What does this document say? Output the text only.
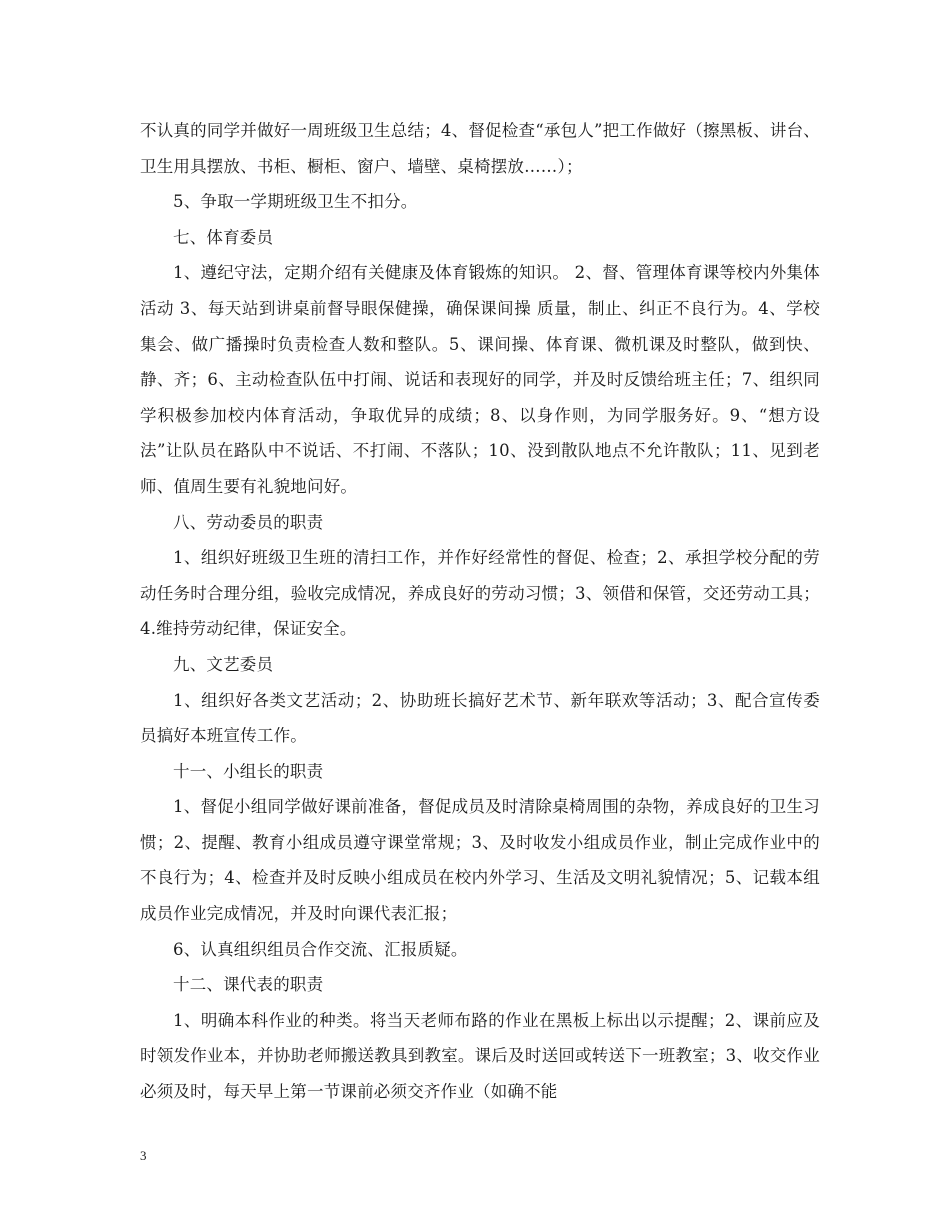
不认真的同学并做好一周班级卫生总结；4、督促检查“承包人”把工作做好（擦黑板、讲台、卫生用具摆放、书柜、橱柜、窗户、墙壁、桌椅摆放……）；

5、争取一学期班级卫生不扣分。

七、体育委员

1、遵纪守法，定期介绍有关健康及体育锻炼的知识。 2、督、管理体育课等校内外集体活动 3、每天站到讲桌前督导眼保健操，确保课间操 质量，制止、纠正不良行为。4、学校集会、做广播操时负责检查人数和整队。5、课间操、体育课、微机课及时整队，做到快、静、齐；6、主动检查队伍中打闹、说话和表现好的同学，并及时反馈给班主任；7、组织同学积极参加校内体育活动，争取优异的成绩；8、以身作则，为同学服务好。9、“想方设法”让队员在路队中不说话、不打闹、不落队；10、没到散队地点不允许散队；11、见到老师、值周生要有礼貌地问好。

八、劳动委员的职责

1、组织好班级卫生班的清扫工作，并作好经常性的督促、检查；2、承担学校分配的劳动任务时合理分组，验收完成情况，养成良好的劳动习惯；3、领借和保管，交还劳动工具；4.维持劳动纪律，保证安全。

九、文艺委员

1、组织好各类文艺活动；2、协助班长搞好艺术节、新年联欢等活动；3、配合宣传委员搞好本班宣传工作。

十一、小组长的职责

1、督促小组同学做好课前准备，督促成员及时清除桌椅周围的杂物，养成良好的卫生习惯；2、提醒、教育小组成员遵守课堂常规；3、及时收发小组成员作业，制止完成作业中的不良行为；4、检查并及时反映小组成员在校内外学习、生活及文明礼貌情况；5、记载本组成员作业完成情况，并及时向课代表汇报；

6、认真组织组员合作交流、汇报质疑。

十二、课代表的职责

1、明确本科作业的种类。将当天老师布路的作业在黑板上标出以示提醒；2、课前应及时领发作业本，并协助老师搬送教具到教室。课后及时送回或转送下一班教室；3、收交作业必须及时，每天早上第一节课前必须交齐作业（如确不能

3
